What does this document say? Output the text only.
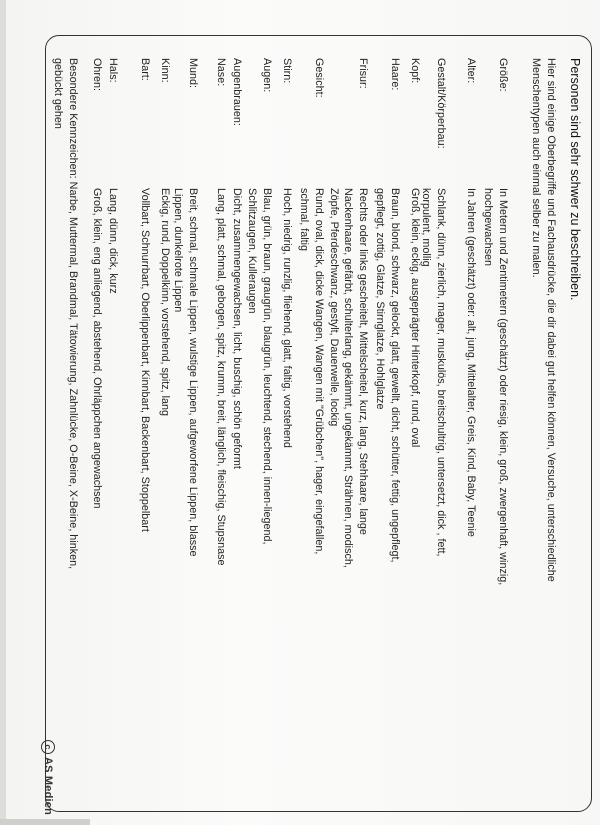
cAS Medien
Personen sind sehr schwer zu beschreiben.
Hier sind einige Oberbegriffe und Fachausdrücke, die dir dabei gut helfen können, Versuche, unterschiedliche Menschentypen auch einmal selber zu malen.
Größe:
In Metern und Zentimetern (geschätzt) oder riesig, klein, groß, zwergenhaft, winzig, hochgewachsen
Alter:
In Jahren (geschätzt) oder: alt, jung, Mittelalter, Greis, Kind, Baby, Teenie
Gestalt/Körperbau:
Schlank, dünn, zierlich, mager, muskulös, breitschultrig, untersetzt, dick , fett, korpulent, mollig
Kopf:
Groß, klein, eckig, ausgeprägter Hinterkopf, rund, oval
Haare:
Braun, blond, schwarz, gelockt, glatt, gewellt, dicht, schütter, fettig, ungepflegt, gepflegt, zottig, Glatze, Stirnglatze, Hohlglatze
Frisur:
Rechts oder links gescheitelt, Mittelscheitel, kurz, lang, Stehhaare, lange Nackenhaare, gefärbt, schulterlang, gekämmt, ungekämmt, Strähnen, modisch, Zöpfe, Pferdeschwanz, gestylt, Dauerwelle, lockig
Gesicht:
Rund, oval, dick, dicke Wangen, Wangen mit "Grübchen", hager, eingefallen, schmal, faltig
Stirn:
Hoch, niedrig, runzlig, fliehend, glatt, faltig, vorstehend
Augen:
Blau, grün, braun, graugrün, blaugrün, leuchtend, stechend, innen-liegend, Schlitzaugen, Kulleraugen
Augenbrauen:
Dicht, zusammengewachsen, licht, buschig, schön geformt
Nase:
Lang, platt, schmal, gebogen, spitz, krumm, breit, länglich, fleischig, Stupsnase
Mund:
Breit, schmal, schmale Lippen, wulstige Lippen, aufgeworfene Lippen, blasse Lippen, dunkelrote Lippen
Kinn:
Eckig, rund, Doppelkinn, vorstehend, spitz, lang
Bart:
Vollbart, Schnurrbart, Oberlippenbart, Kinnbart, Backenbart, Stoppelbart
Hals:
Lang, dünn, dick, kurz
Ohren:
Groß, klein, eng anliegend, abstehend, Ohrläppchen angewachsen
Besondere Kennzeichen: Narbe, Muttermal, Brandmal, Tätowierung, Zahnlücke, O-Beine, X-Beine, hinken, gebückt gehen
